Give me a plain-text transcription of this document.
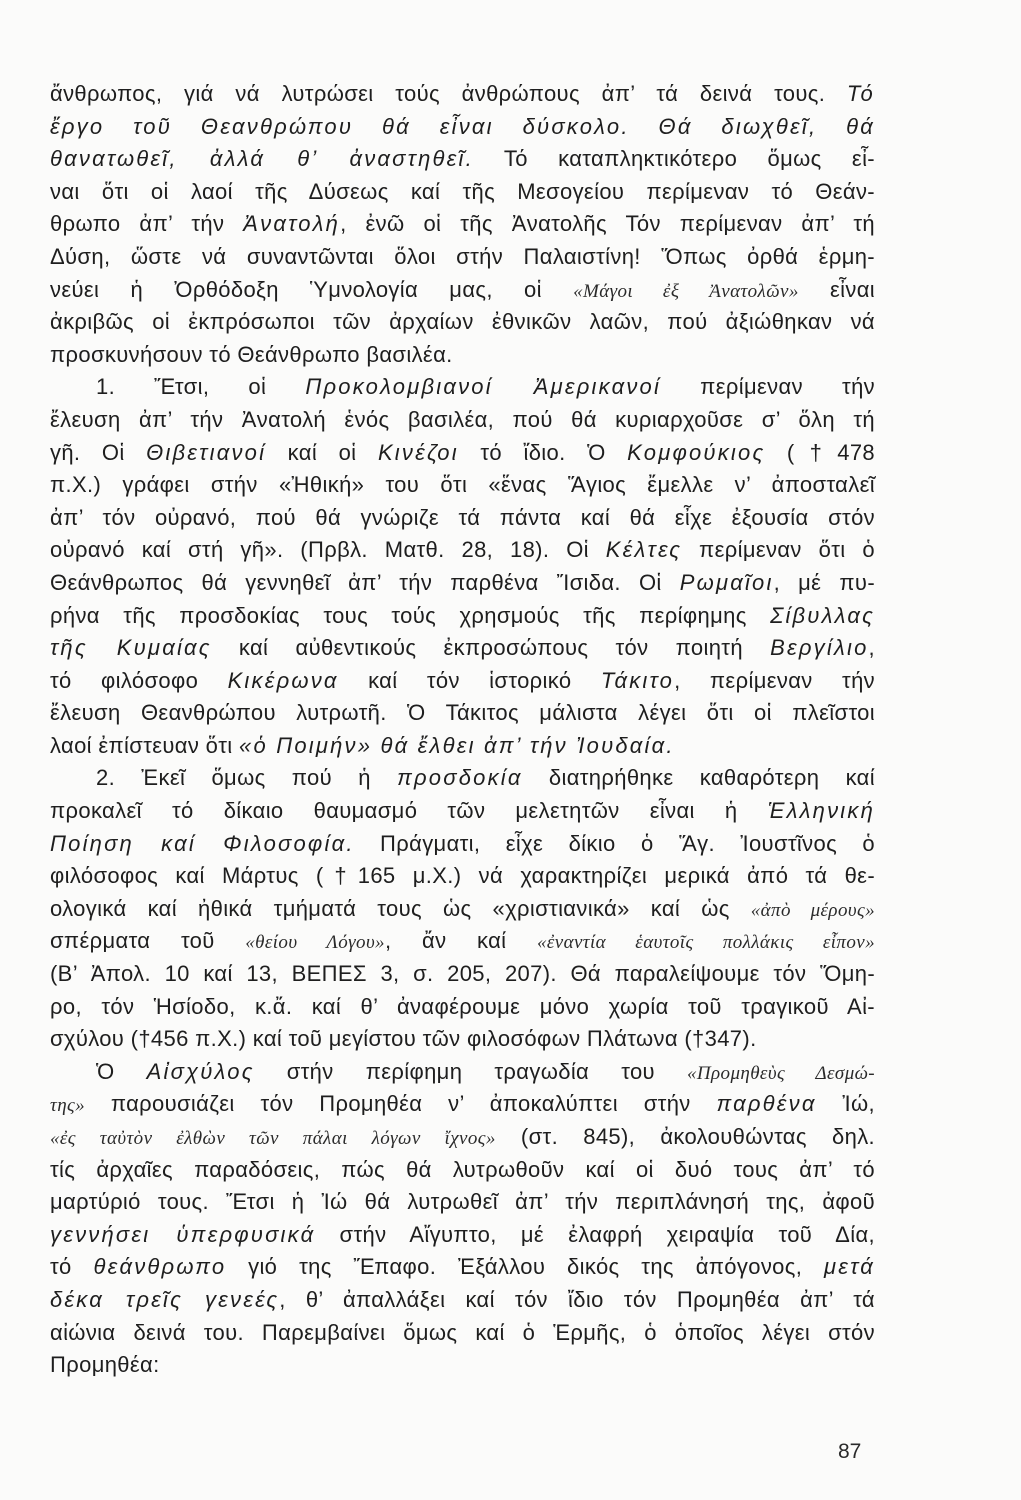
ἄνθρωπος, γιά νά λυτρώσει τούς ἀνθρώπους ἀπ’ τά δεινά τους. Τό
ἔργο τοῦ Θεανθρώπου θά εἶναι δύσκολο. Θά διωχθεῖ, θά
θανατωθεῖ, ἀλλά θ’ ἀναστηθεῖ. Τό καταπληκτικότερο ὅμως εἶ-
ναι ὅτι οἱ λαοί τῆς Δύσεως καί τῆς Μεσογείου περίμεναν τό Θεάν-
θρωπο ἀπ’ τήν Ἀνατολή, ἐνῶ οἱ τῆς Ἀνατολῆς Τόν περίμεναν ἀπ’ τή
Δύση, ὥστε νά συναντῶνται ὅλοι στήν Παλαιστίνη! Ὅπως ὀρθά ἑρμη-
νεύει ἡ Ὀρθόδοξη Ὑμνολογία μας, οἱ «Μάγοι ἐξ Ἀνατολῶν» εἶναι
ἀκριβῶς οἱ ἐκπρόσωποι τῶν ἀρχαίων ἐθνικῶν λαῶν, πού ἀξιώθηκαν νά
προσκυνήσουν τό Θεάνθρωπο βασιλέα.
1. Ἔτσι, οἱ Προκολομβιανοί Ἀμερικανοί περίμεναν τήν
ἔλευση ἀπ’ τήν Ἀνατολή ἑνός βασιλέα, πού θά κυριαρχοῦσε σ’ ὅλη τή
γῆ. Οἱ Θιβετιανοί καί οἱ Κινέζοι τό ἴδιο. Ὁ Κομφούκιος (†478
π.Χ.) γράφει στήν «Ἠθική» του ὅτι «ἕνας Ἅγιος ἔμελλε ν’ ἀποσταλεῖ
ἀπ’ τόν οὐρανό, πού θά γνώριζε τά πάντα καί θά εἶχε ἐξουσία στόν
οὐρανό καί στή γῆ». (Πρβλ. Ματθ. 28, 18). Οἱ Κέλτες περίμεναν ὅτι ὁ
Θεάνθρωπος θά γεννηθεῖ ἀπ’ τήν παρθένα Ἴσιδα. Οἱ Ρωμαῖοι, μέ πυ-
ρήνα τῆς προσδοκίας τους τούς χρησμούς τῆς περίφημης Σίβυλλας
τῆς Κυμαίας καί αὐθεντικούς ἐκπροσώπους τόν ποιητή Βεργίλιο,
τό φιλόσοφο Κικέρωνα καί τόν ἱστορικό Τάκιτο, περίμεναν τήν
ἔλευση Θεανθρώπου λυτρωτῆ. Ὁ Τάκιτος μάλιστα λέγει ὅτι οἱ πλεῖστοι
λαοί ἐπίστευαν ὅτι «ὁ Ποιμήν» θά ἔλθει ἀπ’ τήν Ἰουδαία.
2. Ἐκεῖ ὅμως πού ἡ προσδοκία διατηρήθηκε καθαρότερη καί
προκαλεῖ τό δίκαιο θαυμασμό τῶν μελετητῶν εἶναι ἡ Ἑλληνική
Ποίηση καί Φιλοσοφία. Πράγματι, εἶχε δίκιο ὁ Ἅγ. Ἰουστῖνος ὁ
φιλόσοφος καί Μάρτυς (†165 μ.Χ.) νά χαρακτηρίζει μερικά ἀπό τά θε-
ολογικά καί ἠθικά τμήματά τους ὡς «χριστιανικά» καί ὡς «ἀπὸ μέρους»
σπέρματα τοῦ «θείου Λόγου», ἄν καί «ἐναντία ἑαυτοῖς πολλάκις εἶπον»
(Β’ Ἀπολ. 10 καί 13, ΒΕΠΕΣ 3, σ. 205, 207). Θά παραλείψουμε τόν Ὅμη-
ρο, τόν Ἡσίοδο, κ.ἄ. καί θ’ ἀναφέρουμε μόνο χωρία τοῦ τραγικοῦ Αἰ-
σχύλου (†456 π.Χ.) καί τοῦ μεγίστου τῶν φιλοσόφων Πλάτωνα (†347).
Ὁ Αἰσχύλος στήν περίφημη τραγωδία του «Προμηθεὺς Δεσμώ-
της» παρουσιάζει τόν Προμηθέα ν’ ἀποκαλύπτει στήν παρθένα Ἰώ,
«ἐς ταὐτὸν ἐλθὼν τῶν πάλαι λόγων ἴχνος» (στ. 845), ἀκολουθώντας δηλ.
τίς ἀρχαῖες παραδόσεις, πώς θά λυτρωθοῦν καί οἱ δυό τους ἀπ’ τό
μαρτύριό τους. Ἔτσι ἡ Ἰώ θά λυτρωθεῖ ἀπ’ τήν περιπλάνησή της, ἀφοῦ
γεννήσει ὑπερφυσικά στήν Αἴγυπτο, μέ ἐλαφρή χειραψία τοῦ Δία,
τό θεάνθρωπο γιό της Ἔπαφο. Ἐξάλλου δικός της ἀπόγονος, μετά
δέκα τρεῖς γενεές, θ’ ἀπαλλάξει καί τόν ἴδιο τόν Προμηθέα ἀπ’ τά
αἰώνια δεινά του. Παρεμβαίνει ὅμως καί ὁ Ἑρμῆς, ὁ ὁποῖος λέγει στόν
Προμηθέα:
87
